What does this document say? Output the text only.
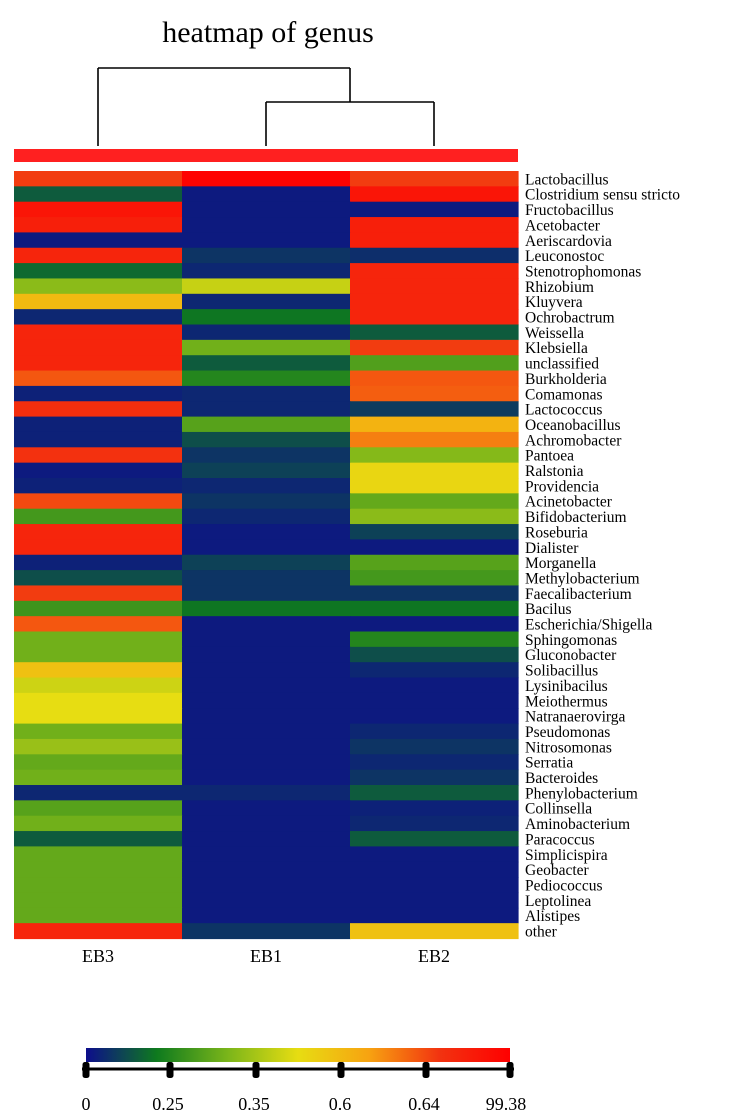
heatmap of genus
Lactobacillus
Clostridium sensu stricto
Fructobacillus
Acetobacter
Aeriscardovia
Leuconostoc
Stenotrophomonas
Rhizobium
Kluyvera
Ochrobactrum
Weissella
Klebsiella
unclassified
Burkholderia
Comamonas
Lactococcus
Oceanobacillus
Achromobacter
Pantoea
Ralstonia
Providencia
Acinetobacter
Bifidobacterium
Roseburia
Dialister
Morganella
Methylobacterium
Faecalibacterium
Bacilus
Escherichia/Shigella
Sphingomonas
Gluconobacter
Solibacillus
Lysinibacilus
Meiothermus
Natranaerovirga
Pseudomonas
Nitrosomonas
Serratia
Bacteroides
Phenylobacterium
Collinsella
Aminobacterium
Paracoccus
Simplicispira
Geobacter
Pediococcus
Leptolinea
Alistipes
other
EB3	EB1	EB2
0	0.25	0.35	0.6	0.64	99.38
